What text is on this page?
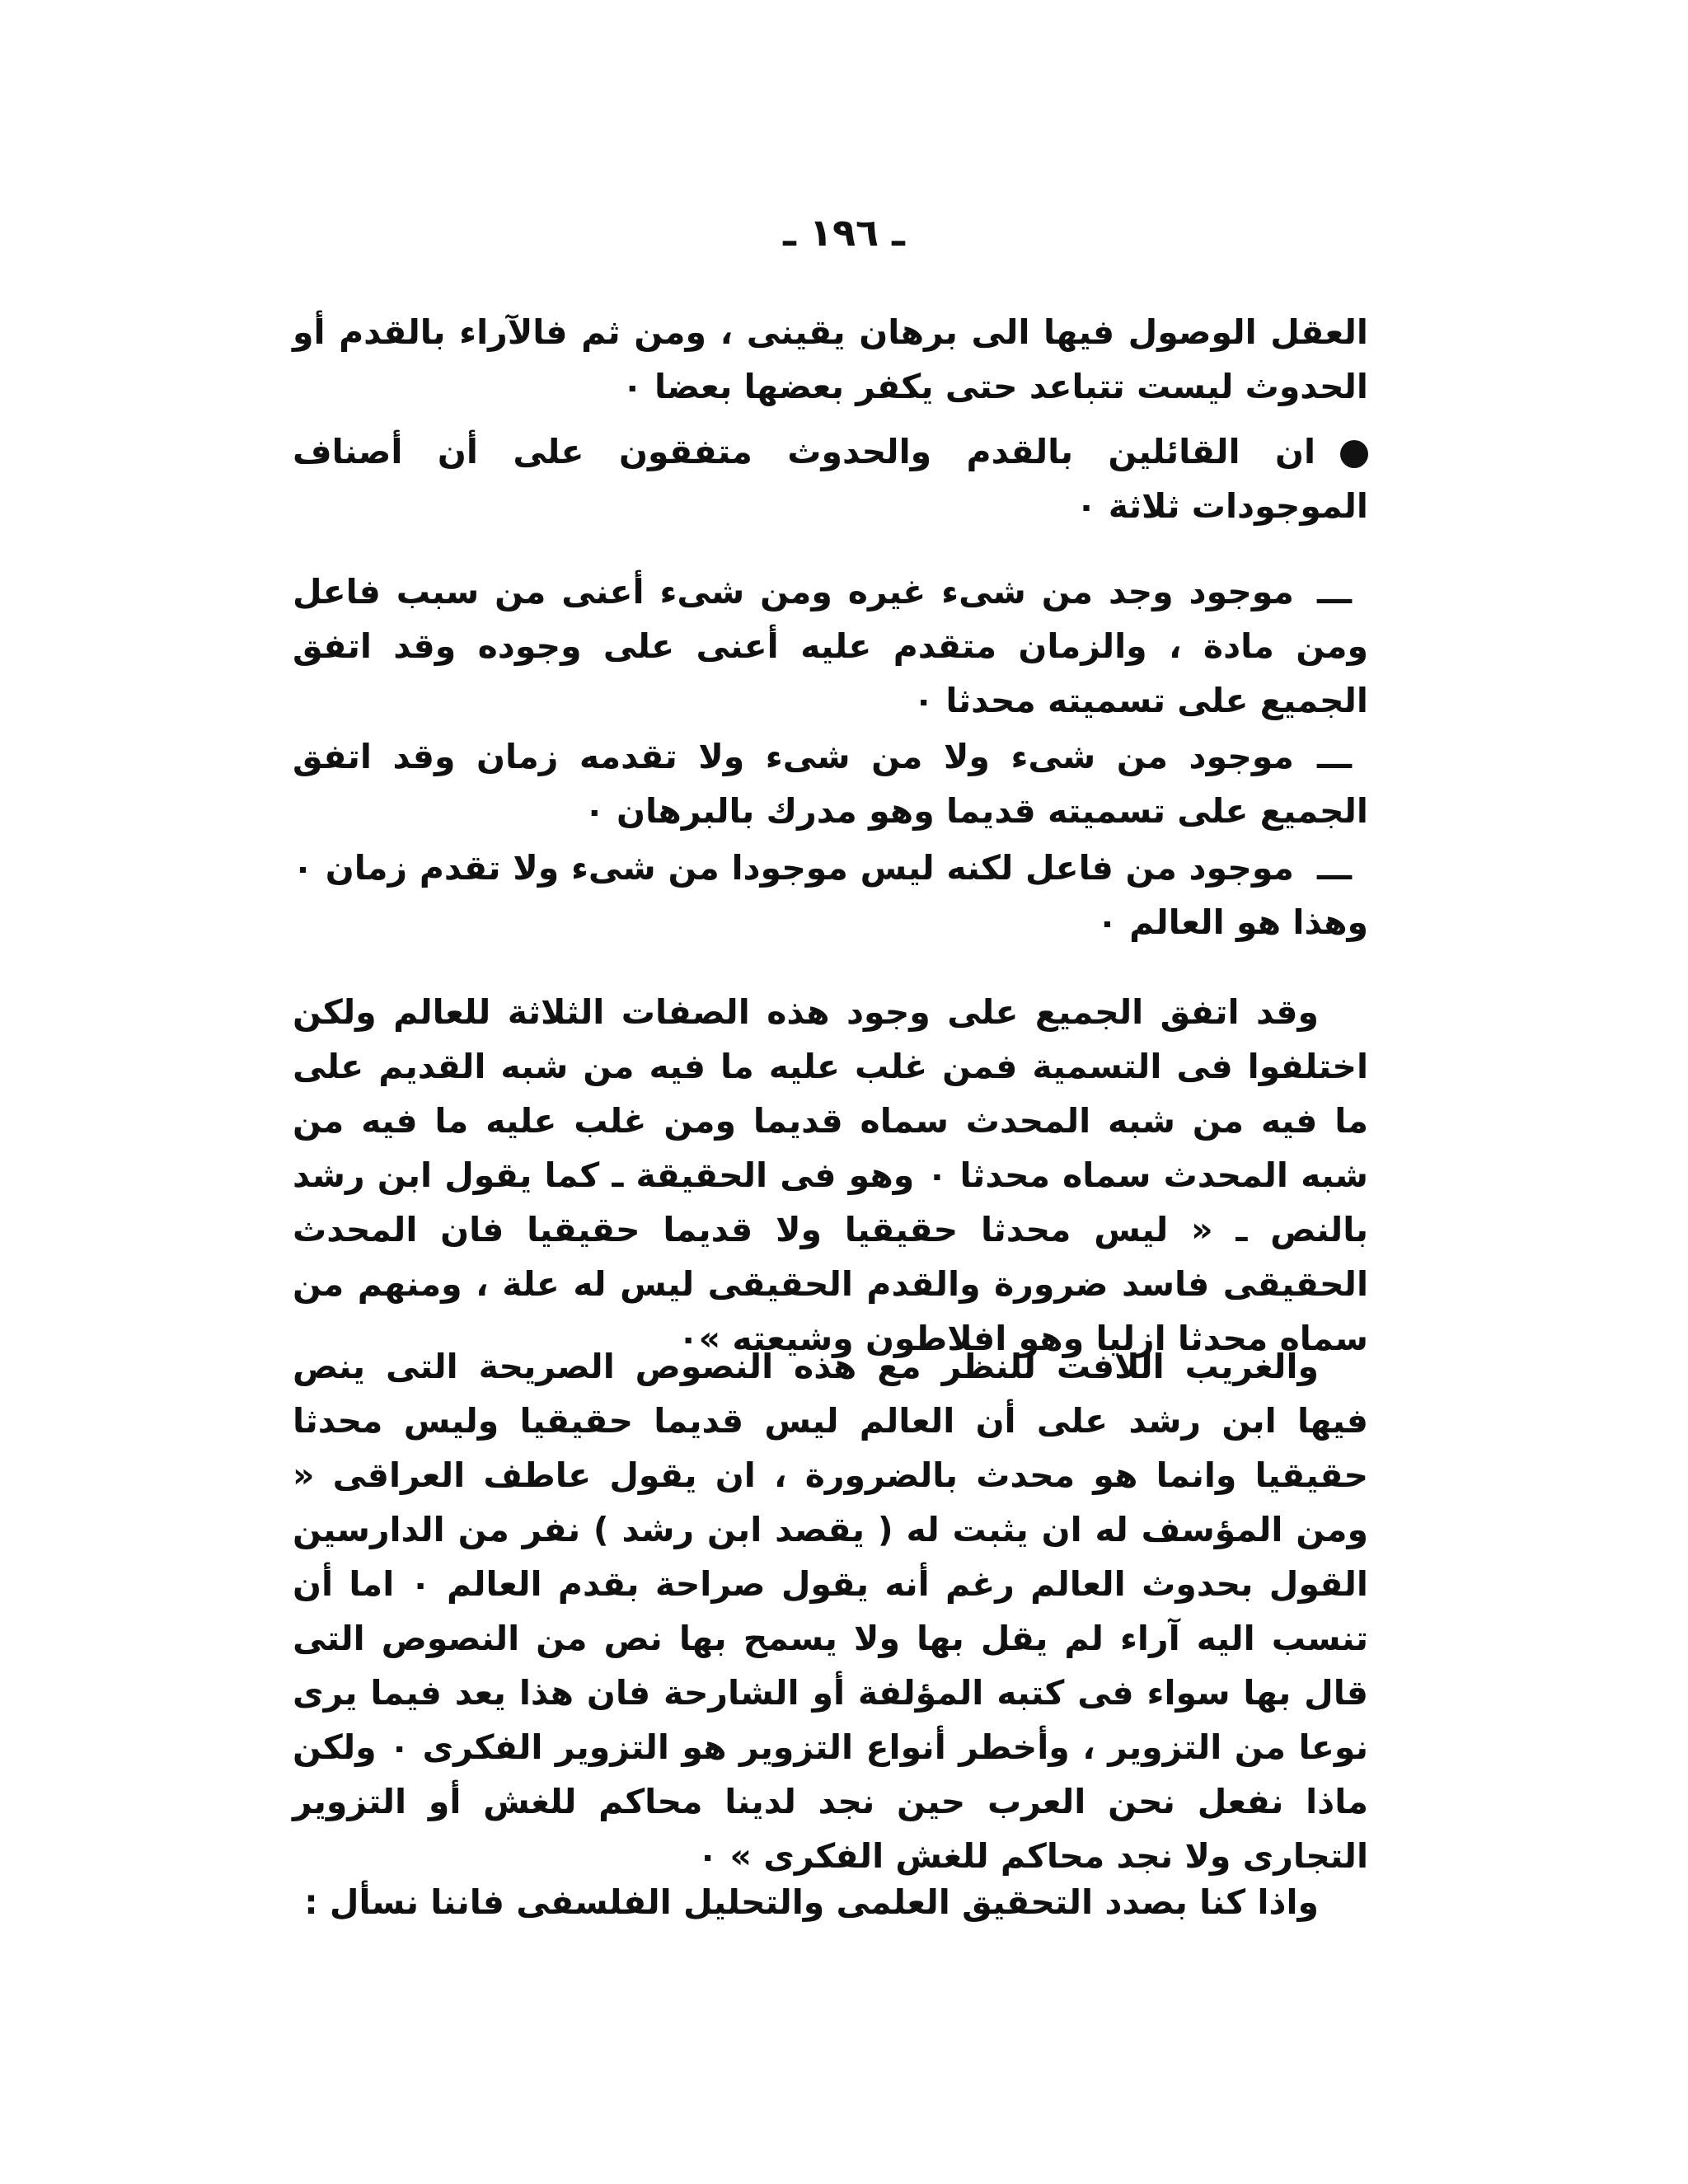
ـ ١٩٦ ـ

العقل الوصول فيها الى برهان يقينى ، ومن ثم فالآراء بالقدم أو الحدوث ليست تتباعد حتى يكفر بعضها بعضا ٠

ان القائلين بالقدم والحدوث متفقون على أن أصناف الموجودات ثلاثة ٠

ـــموجود وجد من شىء غيره ومن شىء أعنى من سبب فاعل ومن مادة ، والزمان متقدم عليه أعنى على وجوده وقد اتفق الجميع على تسميته محدثا ٠

ـــموجود من شىء ولا من شىء ولا تقدمه زمان وقد اتفق الجميع على تسميته قديما وهو مدرك بالبرهان ٠

ـــموجود من فاعل لكنه ليس موجودا من شىء ولا تقدم زمان ٠ وهذا هو العالم ٠

وقد اتفق الجميع على وجود هذه الصفات الثلاثة للعالم ولكن اختلفوا فى التسمية فمن غلب عليه ما فيه من شبه القديم على ما فيه من شبه المحدث سماه قديما ومن غلب عليه ما فيه من شبه المحدث سماه محدثا ٠ وهو فى الحقيقة ـ كما يقول ابن رشد بالنص ـ « ليس محدثا حقيقيا ولا قديما حقيقيا فان المحدث الحقيقى فاسد ضرورة والقدم الحقيقى ليس له علة ، ومنهم من سماه محدثا ازليا وهو افلاطون وشيعته »٠

والغريب اللافت للنظر مع هذه النصوص الصريحة التى ينص فيها ابن رشد على أن العالم ليس قديما حقيقيا وليس محدثا حقيقيا وانما هو محدث بالضرورة ، ان يقول عاطف العراقى « ومن المؤسف له ان يثبت له ( يقصد ابن رشد ) نفر من الدارسين القول بحدوث العالم رغم أنه يقول صراحة بقدم العالم ٠ اما أن تنسب اليه آراء لم يقل بها ولا يسمح بها نص من النصوص التى قال بها سواء فى كتبه المؤلفة أو الشارحة فان هذا يعد فيما يرى نوعا من التزوير ، وأخطر أنواع التزوير هو التزوير الفكرى ٠ ولكن ماذا نفعل نحن العرب حين نجد لدينا محاكم للغش أو التزوير التجارى ولا نجد محاكم للغش الفكرى » ٠

واذا كنا بصدد التحقيق العلمى والتحليل الفلسفى فاننا نسأل :
